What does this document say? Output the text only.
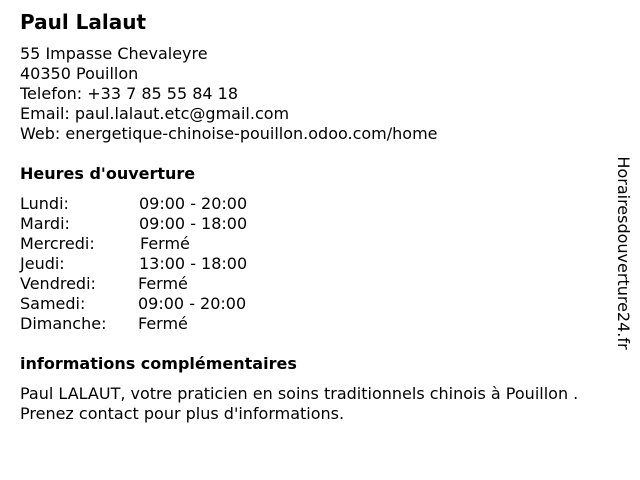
Paul Lalaut
55 Impasse Chevaleyre
40350 Pouillon
Telefon: +33 7 85 55 84 18
Email: paul.lalaut.etc@gmail.com
Web: energetique-chinoise-pouillon.odoo.com/home
Heures d'ouverture
Lundi:	09:00 - 20:00
Mardi:	09:00 - 18:00
Mercredi:	Fermé
Jeudi:	13:00 - 18:00
Vendredi:	Fermé
Samedi:	09:00 - 20:00
Dimanche: Fermé
informations complémentaires

Paul LALAUT, votre praticien en soins traditionnels chinois à Pouillon . Prenez contact pour plus d'informations.

Horairesdouverture24.fr
